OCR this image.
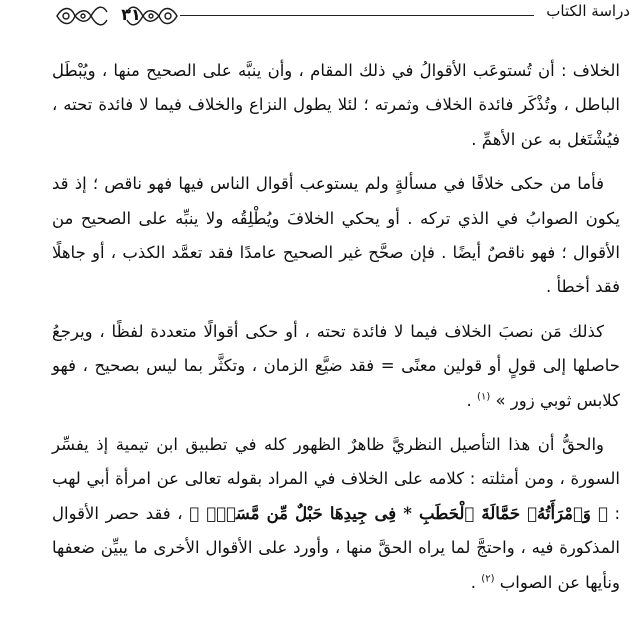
٣١	دراسة الكتاب

الخلاف : أن تُستوعَب الأقوالُ في ذلك المقام ، وأن ينبَّه على الصحيح منها ، ويُبْطَل الباطل ، وتُذْكَر فائدة الخلاف وثمرته ؛ لئلا يطول النزاع والخلاف فيما لا فائدة تحته ، فيُشْتَغل به عن الأهمِّ .

فأما من حكى خلافًا في مسألةٍ ولم يستوعب أقوال الناس فيها فهو ناقص ؛ إذ قد يكون الصوابُ في الذي تركه . أو يحكي الخلافَ ويُطْلِقُه ولا ينبِّه على الصحيح من الأقوال ؛ فهو ناقصٌ أيضًا . فإن صحَّح غير الصحيح عامدًا فقد تعمَّد الكذب ، أو جاهلًا فقد أخطأ .

كذلك مَن نصبَ الخلاف فيما لا فائدة تحته ، أو حكى أقوالًا متعددة لفظًا ، ويرجعُ حاصلها إلى قولٍ أو قولين معنًى = فقد ضيَّع الزمان ، وتكثَّر بما ليس بصحيح ، فهو كلابس ثوبي زور » $^{(١)}$ .

والحقُّ أن هذا التأصيل النظريَّ ظاهرٌ الظهور كله في تطبيق ابن تيمية إذ يفسِّر السورة ، ومن أمثلته : كلامه على الخلاف في المراد بقوله تعالى عن امرأة أبي لهب : ﴿ وَٱمْرَأَتُهُۥ حَمَّالَةَ ٱلْحَطَبِ * فِى جِيدِهَا حَبْلٌ مِّن مَّسَدٍۭ ﴾ ، فقد حصر الأقوال المذكورة فيه ، واحتجَّ لما يراه الحقَّ منها ، وأورد على الأقوال الأخرى ما يبيِّن ضعفها ونأيها عن الصواب $^{(٢)}$ .
